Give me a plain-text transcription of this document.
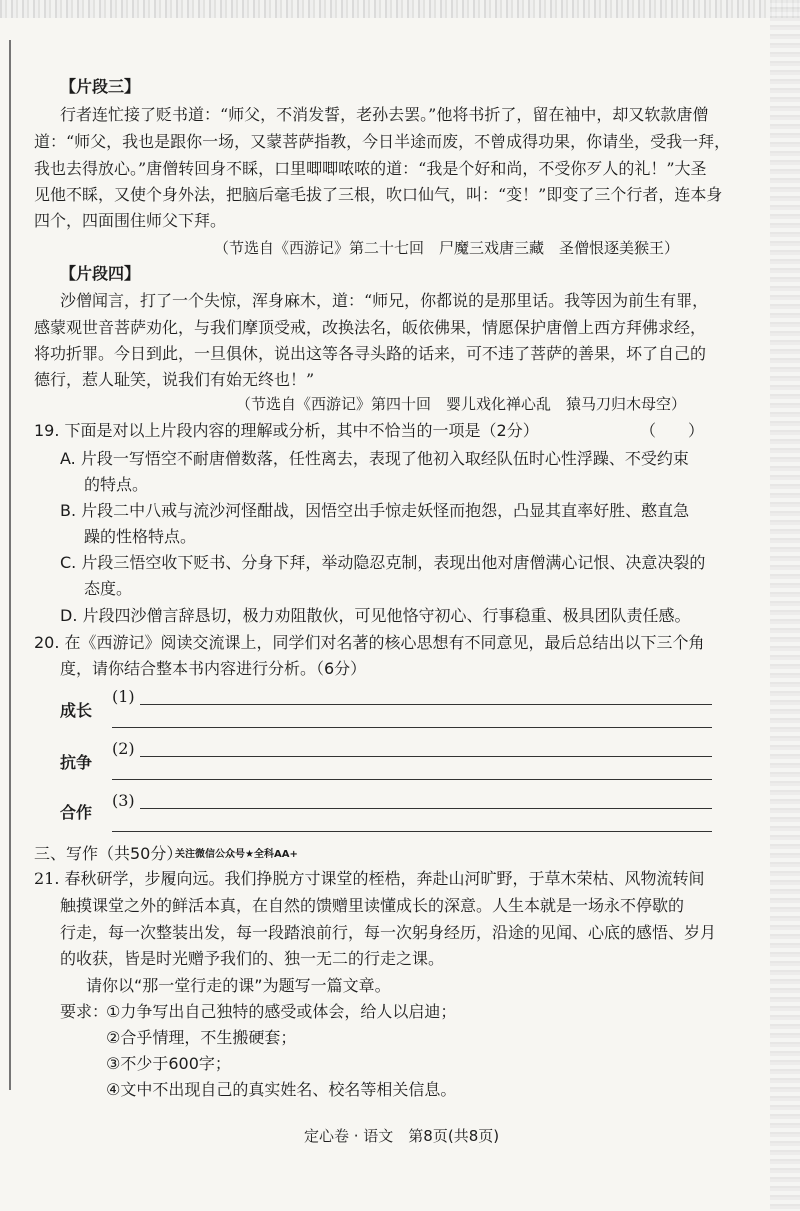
【片段三】
行者连忙接了贬书道：“师父，不消发誓，老孙去罢。”他将书折了，留在袖中，却又软款唐僧
道：“师父，我也是跟你一场，又蒙菩萨指教，今日半途而废，不曾成得功果，你请坐，受我一拜，
我也去得放心。”唐僧转回身不睬，口里唧唧哝哝的道：“我是个好和尚，不受你歹人的礼！”大圣
见他不睬，又使个身外法，把脑后毫毛拔了三根，吹口仙气，叫：“变！”即变了三个行者，连本身
四个，四面围住师父下拜。
（节选自《西游记》第二十七回　尸魔三戏唐三藏　圣僧恨逐美猴王）
【片段四】
沙僧闻言，打了一个失惊，浑身麻木，道：“师兄，你都说的是那里话。我等因为前生有罪，
感蒙观世音菩萨劝化，与我们摩顶受戒，改换法名，皈依佛果，情愿保护唐僧上西方拜佛求经，
将功折罪。今日到此，一旦俱休，说出这等各寻头路的话来，可不违了菩萨的善果，坏了自己的
德行，惹人耻笑，说我们有始无终也！”
（节选自《西游记》第四十回　婴儿戏化禅心乱　猿马刀归木母空）
19. 下面是对以上片段内容的理解或分析，其中不恰当的一项是（2分）	（　　）
A. 片段一写悟空不耐唐僧数落，任性离去，表现了他初入取经队伍时心性浮躁、不受约束
的特点。
B. 片段二中八戒与流沙河怪酣战，因悟空出手惊走妖怪而抱怨，凸显其直率好胜、憨直急
躁的性格特点。
C. 片段三悟空收下贬书、分身下拜，举动隐忍克制，表现出他对唐僧满心记恨、决意决裂的
态度。
D. 片段四沙僧言辞恳切，极力劝阻散伙，可见他恪守初心、行事稳重、极具团队责任感。
20. 在《西游记》阅读交流课上，同学们对名著的核心思想有不同意见，最后总结出以下三个角
度，请你结合整本书内容进行分析。（6分）
成长
(1)
抗争
(2)
合作
(3)
三、写作（共50分）
关注微信公众号★全科AA+
21. 春秋研学，步履向远。我们挣脱方寸课堂的桎梏，奔赴山河旷野，于草木荣枯、风物流转间
触摸课堂之外的鲜活本真，在自然的馈赠里读懂成长的深意。人生本就是一场永不停歇的
行走，每一次整装出发，每一段踏浪前行，每一次躬身经历，沿途的见闻、心底的感悟、岁月
的收获，皆是时光赠予我们的、独一无二的行走之课。
请你以“那一堂行走的课”为题写一篇文章。
要求：
①力争写出自己独特的感受或体会，给人以启迪；
②合乎情理，不生搬硬套；
③不少于600字；
④文中不出现自己的真实姓名、校名等相关信息。
定心卷 · 语文　第8页(共8页)
